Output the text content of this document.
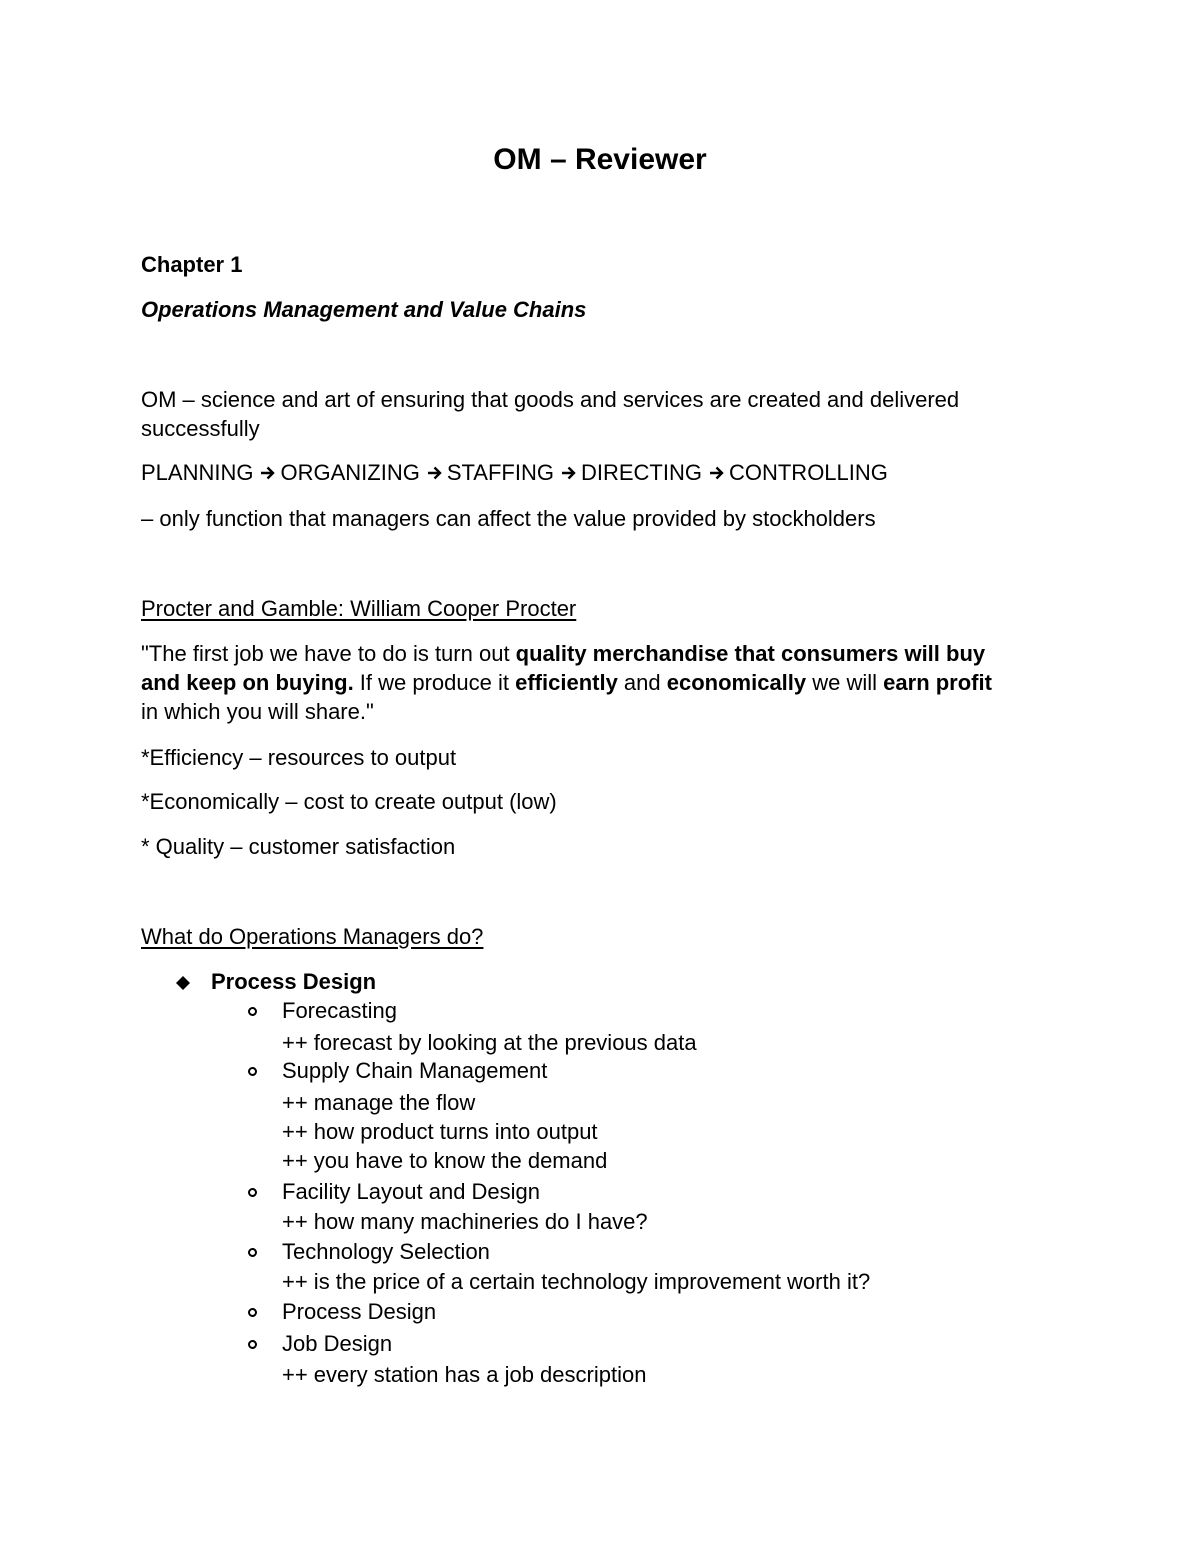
OM – Reviewer

Chapter 1

Operations Management and Value Chains

OM – science and art of ensuring that goods and services are created and delivered

successfully

PLANNING ORGANIZING STAFFING DIRECTING CONTROLLING

– only function that managers can affect the value provided by stockholders

Procter and Gamble: William Cooper Procter

"The first job we have to do is turn out quality merchandise that consumers will buy

and keep on buying. If we produce it efficiently and economically we will earn profit

in which you will share."

*Efficiency – resources to output

*Economically – cost to create output (low)

* Quality – customer satisfaction

What do Operations Managers do?

Process Design

Forecasting

++ forecast by looking at the previous data

Supply Chain Management

++ manage the flow

++ how product turns into output

++ you have to know the demand

Facility Layout and Design

++ how many machineries do I have?

Technology Selection

++ is the price of a certain technology improvement worth it?

Process Design

Job Design

++ every station has a job description
